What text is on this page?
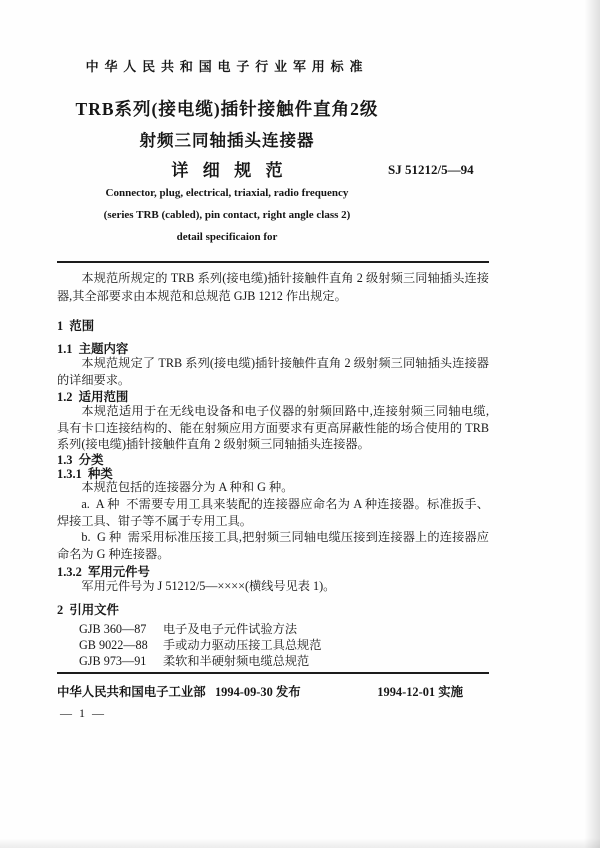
中华人民共和国电子行业军用标准
TRB系列(接电缆)插针接触件直角2级
射频三同轴插头连接器
详细规范	SJ 51212/5—94
Connector, plug, electrical, triaxial, radio frequency
(series TRB (cabled), pin contact, right angle class 2)
detail specificaion for
本规范所规定的 TRB 系列(接电缆)插针接触件直角 2 级射频三同轴插头连接器,其全部要求由本规范和总规范 GJB 1212 作出规定。
1  范围
1.1  主题内容
本规范规定了 TRB 系列(接电缆)插针接触件直角 2 级射频三同轴插头连接器的详细要求。
1.2  适用范围
本规范适用于在无线电设备和电子仪器的射频回路中,连接射频三同轴电缆,具有卡口连接结构的、能在射频应用方面要求有更高屏蔽性能的场合使用的 TRB 系列(接电缆)插针接触件直角 2 级射频三同轴插头连接器。
1.3  分类
1.3.1  种类
本规范包括的连接器分为 A 种和 G 种。
a.  A 种  不需要专用工具来装配的连接器应命名为 A 种连接器。标准扳手、焊接工具、钳子等不属于专用工具。
b.  G 种  需采用标准压接工具,把射频三同轴电缆压接到连接器上的连接器应命名为 G 种连接器。
1.3.2  军用元件号
军用元件号为 J 51212/5—××××(横线号见表 1)。
2  引用文件
GJB 360—87	电子及电子元件试验方法
GB 9022—88	手或动力驱动压接工具总规范
GJB 973—91	柔软和半硬射频电缆总规范
中华人民共和国电子工业部   1994-09-30 发布	1994-12-01 实施
— 1 —
